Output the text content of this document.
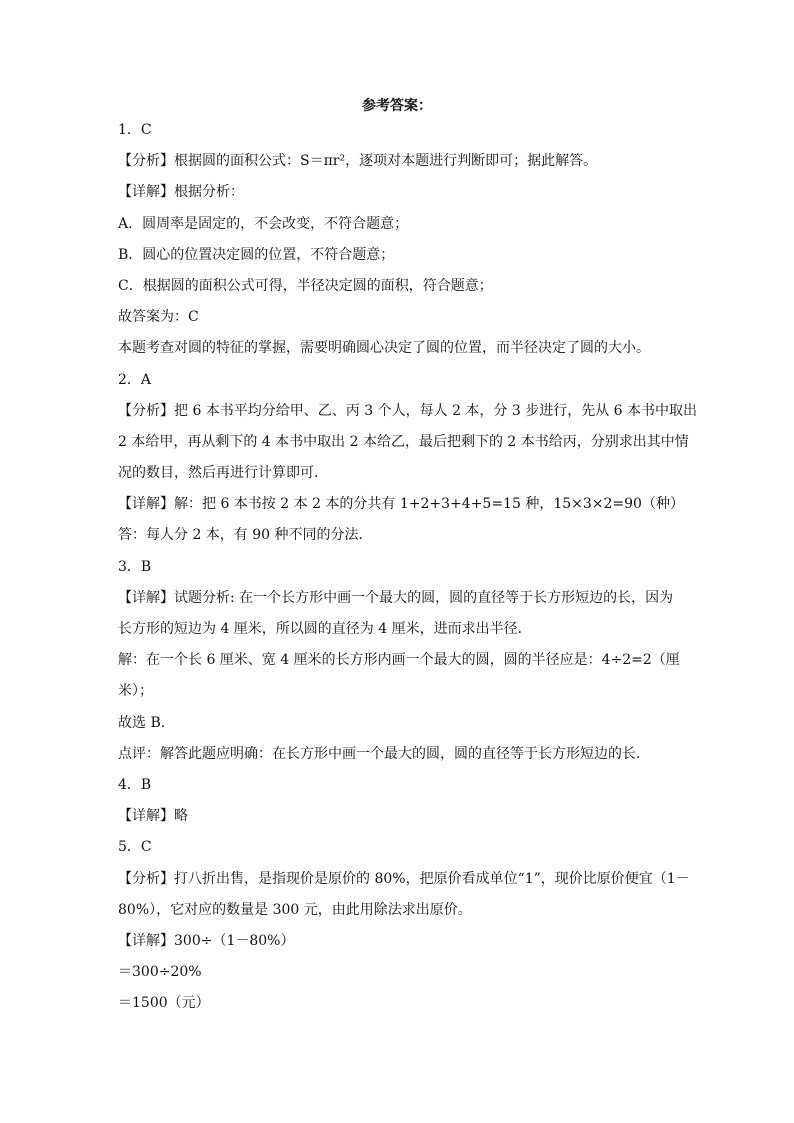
参考答案：
1．C
【分析】根据圆的面积公式：S＝πr²，逐项对本题进行判断即可；据此解答。
【详解】根据分析：
A．圆周率是固定的，不会改变，不符合题意；
B．圆心的位置决定圆的位置，不符合题意；
C．根据圆的面积公式可得，半径决定圆的面积，符合题意；
故答案为：C
本题考查对圆的特征的掌握，需要明确圆心决定了圆的位置，而半径决定了圆的大小。
2．A
【分析】把 6 本书平均分给甲、乙、丙 3 个人，每人 2 本，分 3 步进行，先从 6 本书中取出
2 本给甲，再从剩下的 4 本书中取出 2 本给乙，最后把剩下的 2 本书给丙，分别求出其中情
况的数目，然后再进行计算即可．
【详解】解：把 6 本书按 2 本 2 本的分共有 1+2+3+4+5=15 种，15×3×2=90（种）
答：每人分 2 本，有 90 种不同的分法．
3．B
【详解】试题分析: 在一个长方形中画一个最大的圆，圆的直径等于长方形短边的长，因为
长方形的短边为 4 厘米，所以圆的直径为 4 厘米，进而求出半径．
解：在一个长 6 厘米、宽 4 厘米的长方形内画一个最大的圆，圆的半径应是：4÷2=2（厘
米）；
故选 B．
点评：解答此题应明确：在长方形中画一个最大的圆，圆的直径等于长方形短边的长．
4．B
【详解】略
5．C
【分析】打八折出售，是指现价是原价的 80%，把原价看成单位“1”，现价比原价便宜（1－
80%），它对应的数量是 300 元，由此用除法求出原价。
【详解】300÷（1－80%）
＝300÷20%
＝1500（元）
